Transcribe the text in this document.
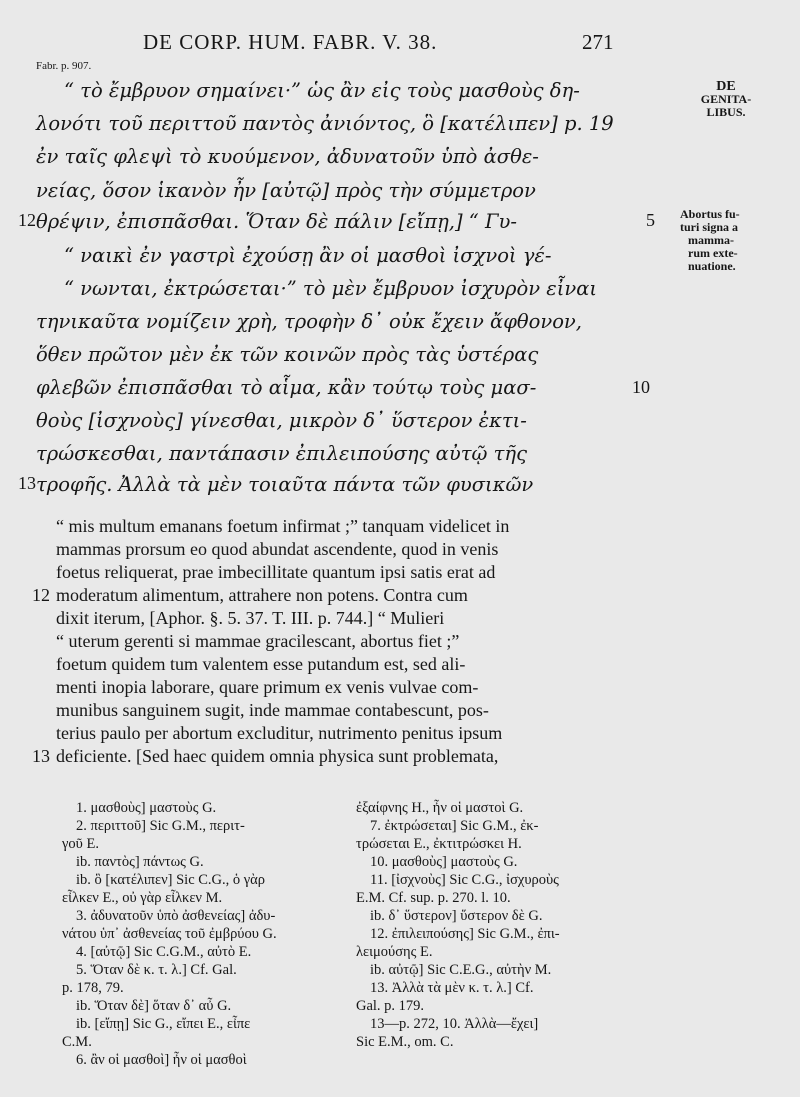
DE CORP. HUM. FABR. V. 38.	271
Fabr. p. 907.
DE
GENITA-
LIBUS.
Abortus fu-
turi signa a
mamma-
rum exte-
nuatione.
“ τὸ ἔμβρυον σημαίνει·” ὡς ἂν εἰς τοὺς μασθοὺς δη-
λονότι τοῦ περιττοῦ παντὸς ἀνιόντος, ὃ [κατέλιπεν] p. 19
ἐν ταῖς φλεψὶ τὸ κυούμενον, ἀδυνατοῦν ὑπὸ ἀσθε-
νείας, ὅσον ἱκανὸν ἦν [αὐτῷ] πρὸς τὴν σύμμετρον
12 θρέψιν, ἐπισπᾶσθαι. Ὅταν δὲ πάλιν [εἴπῃ,] “ Γυ-	5
“ ναικὶ ἐν γαστρὶ ἐχούσῃ ἂν οἱ μασθοὶ ἰσχνοὶ γέ-
“ νωνται, ἐκτρώσεται·” τὸ μὲν ἔμβρυον ἰσχυρὸν εἶναι
τηνικαῦτα νομίζειν χρὴ, τροφὴν δ᾽ οὐκ ἔχειν ἄφθονον,
ὅθεν πρῶτον μὲν ἐκ τῶν κοινῶν πρὸς τὰς ὑστέρας
φλεβῶν ἐπισπᾶσθαι τὸ αἷμα, κἂν τούτῳ τοὺς μασ-	10
θοὺς [ἰσχνοὺς] γίνεσθαι, μικρὸν δ᾽ ὕστερον ἐκτι-
τρώσκεσθαι, παντάπασιν ἐπιλειπούσης αὐτῷ τῆς
13 τροφῆς. Ἀλλὰ τὰ μὲν τοιαῦτα πάντα τῶν φυσικῶν
“ mis multum emanans foetum infirmat ;” tanquam videlicet in
mammas prorsum eo quod abundat ascendente, quod in venis
foetus reliquerat, prae imbecillitate quantum ipsi satis erat ad
12 moderatum alimentum, attrahere non potens. Contra cum
dixit iterum, [Aphor. §. 5. 37. T. III. p. 744.] “ Mulieri
“ uterum gerenti si mammae gracilescant, abortus fiet ;”
foetum quidem tum valentem esse putandum est, sed ali-
menti inopia laborare, quare primum ex venis vulvae com-
munibus sanguinem sugit, inde mammae contabescunt, pos-
terius paulo per abortum excluditur, nutrimento penitus ipsum
13 deficiente. [Sed haec quidem omnia physica sunt problemata,
1. μασθοὺς] μαστοὺς G.
2. περιττοῦ] Sic G.M., περιτ-
γοῦ E.
ib. παντὸς] πάντως G.
ib. ὃ [κατέλιπεν] Sic C.G., ὁ γὰρ
εἶλκεν E., οὐ γὰρ εἶλκεν M.
3. ἀδυνατοῦν ὑπὸ ἀσθενείας] ἀδυ-
νάτου ὑπ᾽ ἀσθενείας τοῦ ἐμβρύου G.
4. [αὐτῷ] Sic C.G.M., αὐτὸ E.
5. Ὅταν δὲ κ. τ. λ.] Cf. Gal.
p. 178, 79.
ib. Ὅταν δὲ] ὅταν δ᾽ αὖ G.
ib. [εἴπῃ] Sic G., εἴπει E., εἶπε
C.M.
6. ἂν οἱ μασθοὶ] ἦν οἱ μασθοὶ
ἐξαίφνης H., ἦν οἱ μαστοὶ G.
7. ἐκτρώσεται] Sic G.M., ἐκ-
τρώσεται E., ἐκτιτρώσκει H.
10. μασθοὺς] μαστοὺς G.
11. [ἰσχνοὺς] Sic C.G., ἰσχυροὺς
E.M. Cf. sup. p. 270. l. 10.
ib. δ᾽ ὕστερον] ὕστερον δὲ G.
12. ἐπιλειπούσης] Sic G.M., ἐπι-
λειμούσης E.
ib. αὐτῷ] Sic C.E.G., αὐτὴν M.
13. Ἀλλὰ τὰ μὲν κ. τ. λ.] Cf.
Gal. p. 179.
13—p. 272, 10. Ἀλλὰ—ἔχει]
Sic E.M., om. C.
